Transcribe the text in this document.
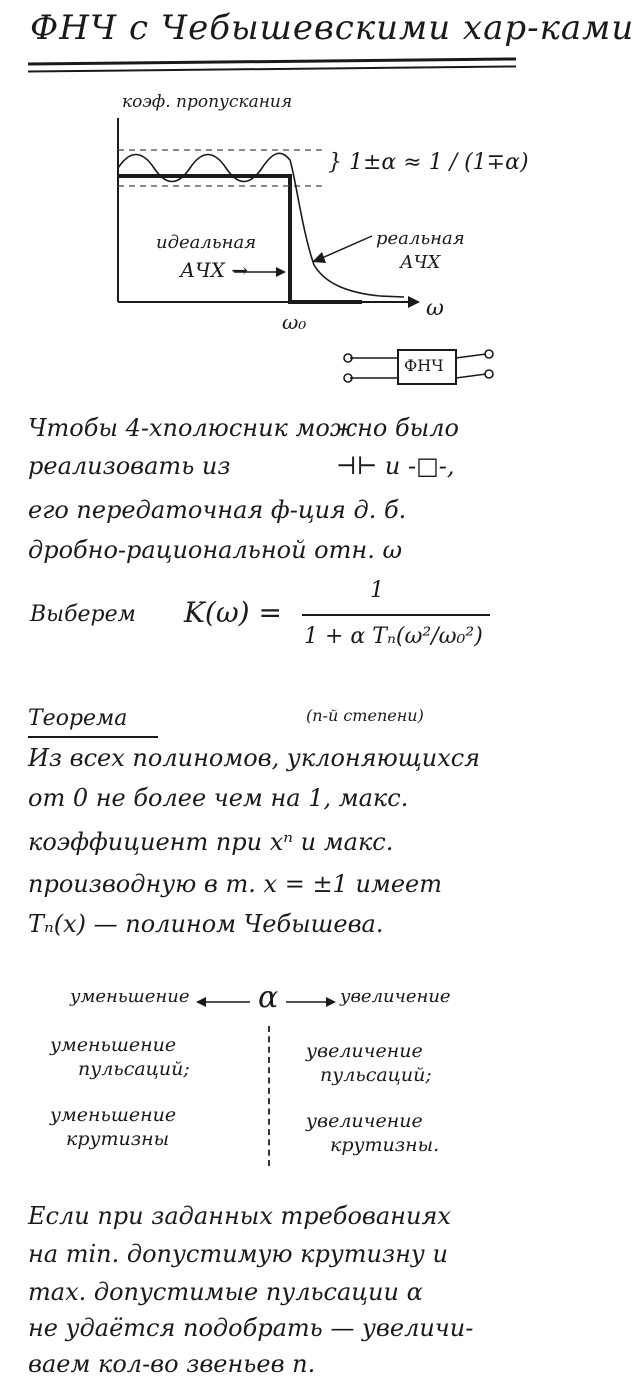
ФНЧ с Чебышевскими хар-ками
коэф. пропускания
} 1±α ≈ 1 / (1∓α)
идеальная
АЧХ →
реальная
АЧХ
ω₀
ω
ФНЧ
Чтобы 4-хполюсник можно было
реализовать из	⊣⊢ и -□-,
его передаточная ф-ция д. б.
дробно-рациональной отн. ω
Выберем K(ω) =
1
1 + α Tₙ(ω²/ω₀²)
Теорема	(n-й степени)
Из всех полиномов, уклоняющихся
от 0 не более чем на 1, макс.
коэффициент при xⁿ и макс.
производную в т. x = ±1 имеет
Tₙ(x) — полином Чебышева.
уменьшение α	увеличение
уменьшение
пульсаций;
увеличение
пульсаций;
уменьшение
крутизны
увеличение
крутизны.
Если при заданных требованиях
на min. допустимую крутизну и
max. допустимые пульсации α
не удаётся подобрать — увеличи-
ваем кол-во звеньев n.
